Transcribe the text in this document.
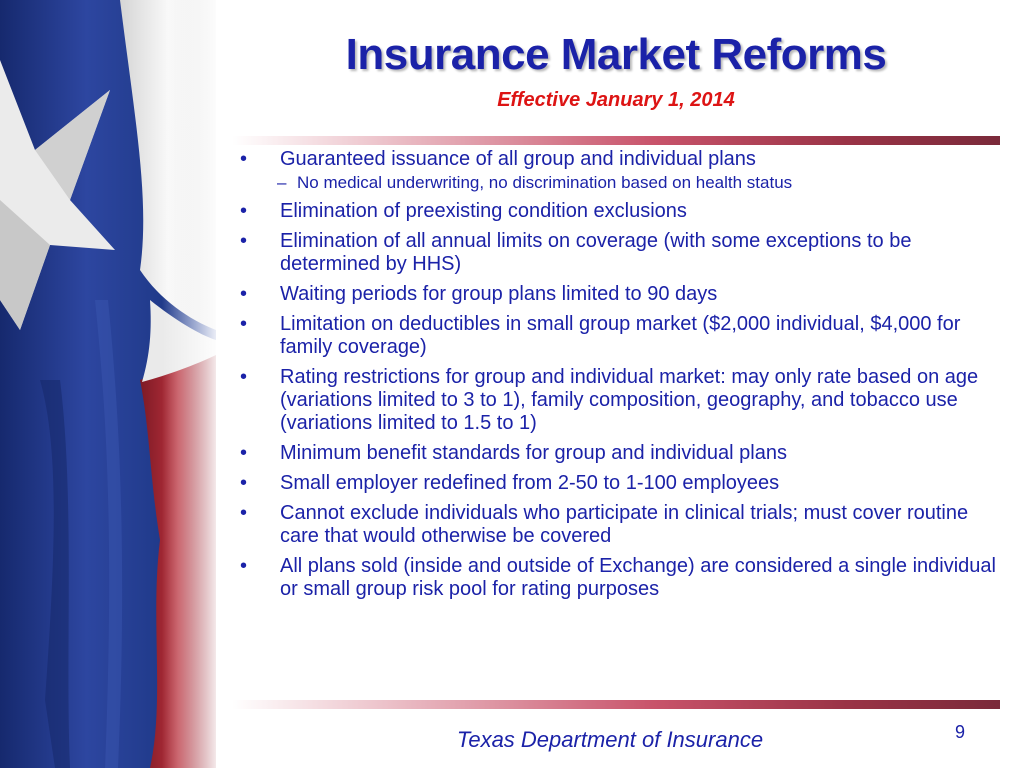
Insurance Market Reforms
Effective January 1, 2014
• Guaranteed issuance of all group and individual plans
– No medical underwriting, no discrimination based on health status
• Elimination of preexisting condition exclusions
• Elimination of all annual limits on coverage (with some exceptions to be determined by HHS)
• Waiting periods for group plans limited to 90 days
• Limitation on deductibles in small group market ($2,000 individual, $4,000 for family coverage)
• Rating restrictions for group and individual market: may only rate based on age (variations limited to 3 to 1), family composition, geography, and tobacco use (variations limited to 1.5 to 1)
• Minimum benefit standards for group and individual plans
• Small employer redefined from 2-50 to 1-100 employees
• Cannot exclude individuals who participate in clinical trials; must cover routine care that would otherwise be covered
• All plans sold (inside and outside of Exchange) are considered a single individual or small group risk pool for rating purposes
Texas Department of Insurance	9
